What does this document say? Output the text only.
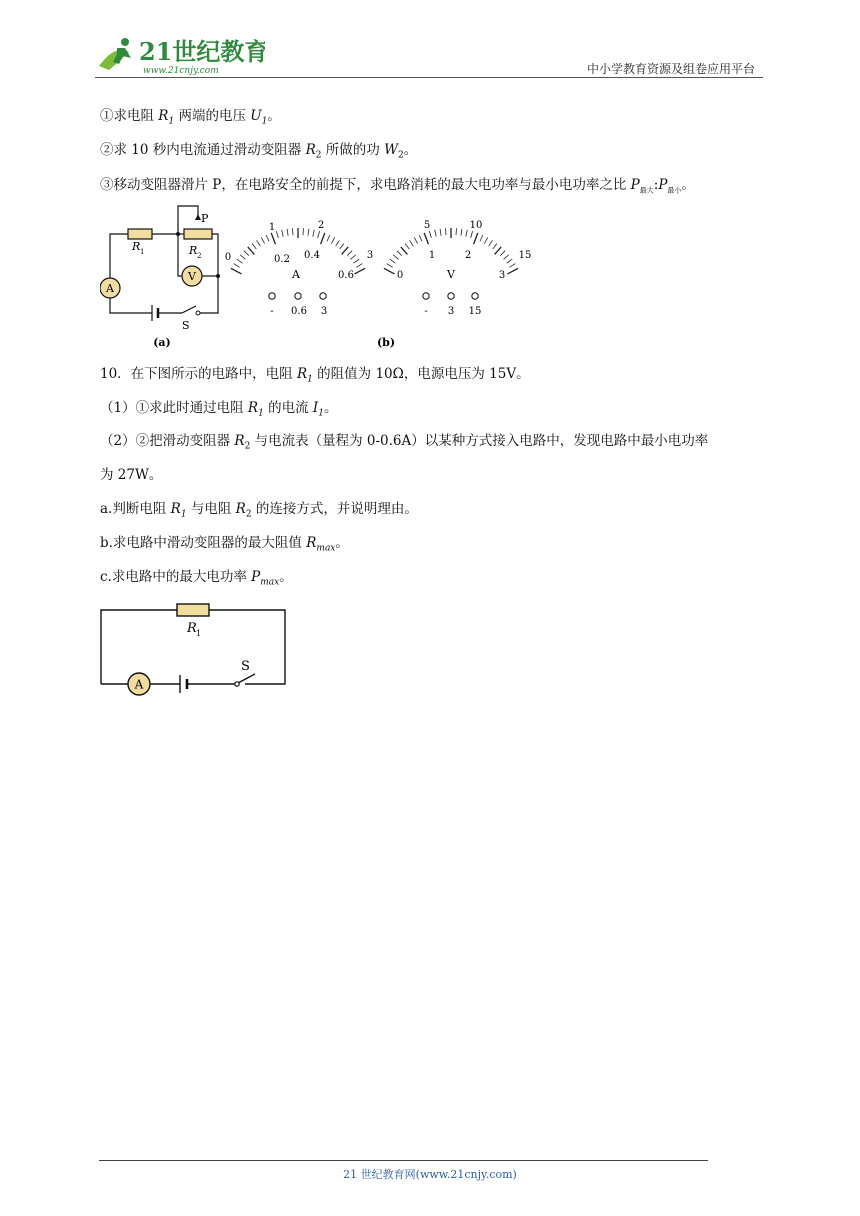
21世纪教育
www.21cnjy.com	中小学教育资源及组卷应用平台
①求电阻 $R_1$ 两端的电压 $U_1$。
②求 10 秒内电流通过滑动变阻器 $R_2$ 所做的功 $W_2$。
③移动变阻器滑片 P，在电路安全的前提下，求电路消耗的最大电功率与最小电功率之比 $P_{最大}:P_{最小}$。
A
V
R 1	R 2
P
S
(a)
A	V
0
1	2
3
0.2 0.4
0.6	0
5	10
15
1	2
3
- 0.6 3	- 3 15
(b)
10．在下图所示的电路中，电阻 $R_1$ 的阻值为 10Ω，电源电压为 15V。
（1）①求此时通过电阻 $R_1$ 的电流 $I_1$。
（2）②把滑动变阻器 $R_2$ 与电流表（量程为 0-0.6A）以某种方式接入电路中，发现电路中最小电功率
为 27W。
a.判断电阻 $R_1$ 与电阻 $R_2$ 的连接方式，并说明理由。
b.求电路中滑动变阻器的最大阻值 $R_{max}$。
c.求电路中的最大电功率 $P_{max}$。
A
R 1
S
21 世纪教育网(www.21cnjy.com)
